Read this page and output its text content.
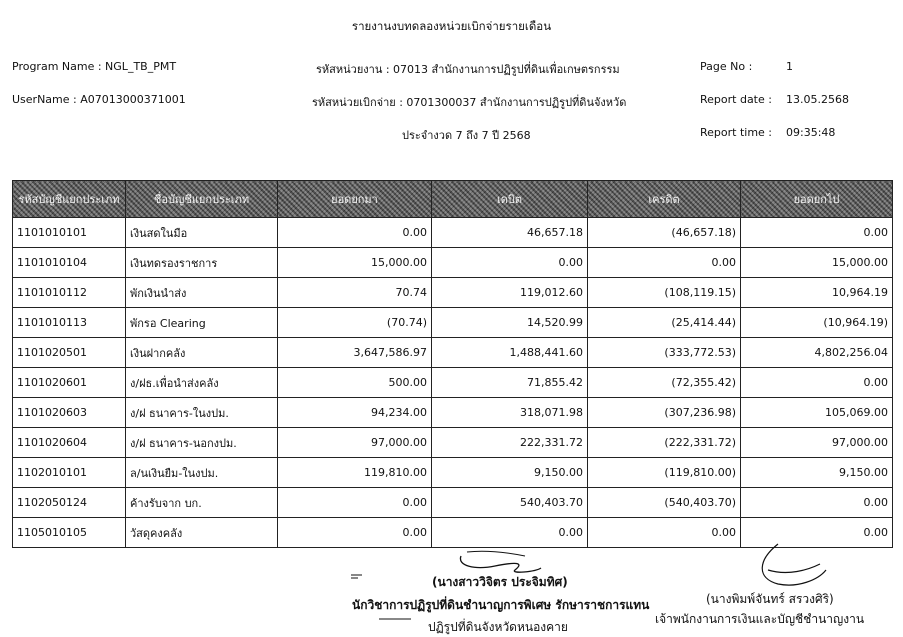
รายงานงบทดลองหน่วยเบิกจ่ายรายเดือน
Program Name : NGL_TB_PMT
UserName : A07013000371001
รหัสหน่วยงาน : 07013 สำนักงานการปฏิรูปที่ดินเพื่อเกษตรกรรม
รหัสหน่วยเบิกจ่าย : 0701300037 สำนักงานการปฏิรูปที่ดินจังหวัด
ประจำงวด 7 ถึง 7 ปี 2568
Page No :	1
Report date : 13.05.2568
Report time : 09:35:48
รหัสบัญชีแยกประเภท	ชื่อบัญชีแยกประเภท	ยอดยกมา	เดบิต	เครดิต	ยอดยกไป
1101010101	เงินสดในมือ	0.00	46,657.18	(46,657.18)	0.00
1101010104	เงินทดรองราชการ	15,000.00	0.00	0.00	15,000.00
1101010112	พักเงินนำส่ง	70.74	119,012.60	(108,119.15)	10,964.19
1101010113	พักรอ Clearing	(70.74)	14,520.99	(25,414.44)	(10,964.19)
1101020501	เงินฝากคลัง	3,647,586.97	1,488,441.60	(333,772.53)	4,802,256.04
1101020601	ง/ฝธ.เพื่อนำส่งคลัง	500.00	71,855.42	(72,355.42)	0.00
1101020603	ง/ฝ ธนาคาร-ในงปม.	94,234.00	318,071.98	(307,236.98)	105,069.00
1101020604	ง/ฝ ธนาคาร-นอกงปม.	97,000.00	222,331.72	(222,331.72)	97,000.00
1102010101	ล/นเงินยืม-ในงปม.	119,810.00	9,150.00	(119,810.00)	9,150.00
1102050124	ค้างรับจาก บก.	0.00	540,403.70	(540,403.70)	0.00
1105010105	วัสดุคงคลัง	0.00	0.00	0.00	0.00
(นางสาววิจิตร ประจิมทิศ)
นักวิชาการปฏิรูปที่ดินชำนาญการพิเศษ รักษาราชการแทน
ปฏิรูปที่ดินจังหวัดหนองคาย
(นางพิมพ์จันทร์ สรวงศิริ)
เจ้าพนักงานการเงินและบัญชีชำนาญงาน
